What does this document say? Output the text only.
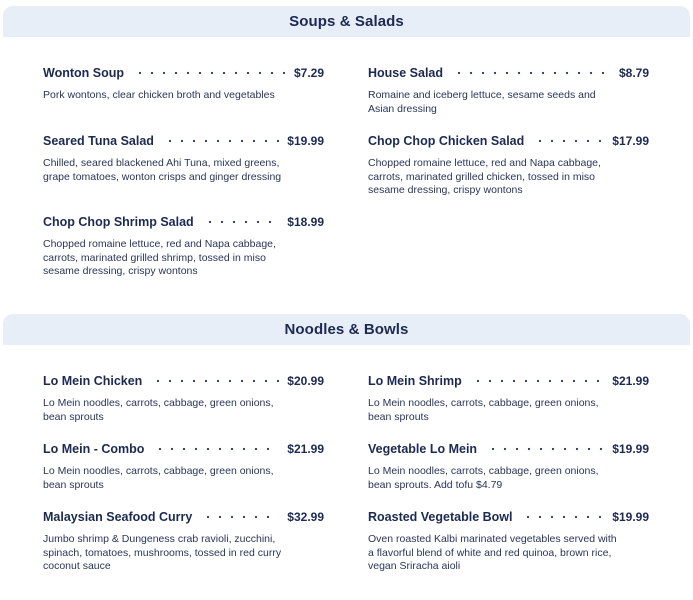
Soups & Salads
Wonton Soup	$7.29
Pork wontons, clear chicken broth and vegetables
House Salad	$8.79
Romaine and iceberg lettuce, sesame seeds and Asian dressing
Seared Tuna Salad	$19.99
Chilled, seared blackened Ahi Tuna, mixed greens, grape tomatoes, wonton crisps and ginger dressing
Chop Chop Chicken Salad	$17.99
Chopped romaine lettuce, red and Napa cabbage, carrots, marinated grilled chicken, tossed in miso sesame dressing, crispy wontons
Chop Chop Shrimp Salad	$18.99
Chopped romaine lettuce, red and Napa cabbage, carrots, marinated grilled shrimp, tossed in miso sesame dressing, crispy wontons
Noodles & Bowls
Lo Mein Chicken	$20.99
Lo Mein noodles, carrots, cabbage, green onions, bean sprouts
Lo Mein Shrimp	$21.99
Lo Mein noodles, carrots, cabbage, green onions, bean sprouts
Lo Mein - Combo	$21.99
Lo Mein noodles, carrots, cabbage, green onions, bean sprouts
Vegetable Lo Mein	$19.99
Lo Mein noodles, carrots, cabbage, green onions, bean sprouts. Add tofu $4.79
Malaysian Seafood Curry	$32.99
Jumbo shrimp & Dungeness crab ravioli, zucchini, spinach, tomatoes, mushrooms, tossed in red curry coconut sauce
Roasted Vegetable Bowl	$19.99
Oven roasted Kalbi marinated vegetables served with a flavorful blend of white and red quinoa, brown rice, vegan Sriracha aioli
